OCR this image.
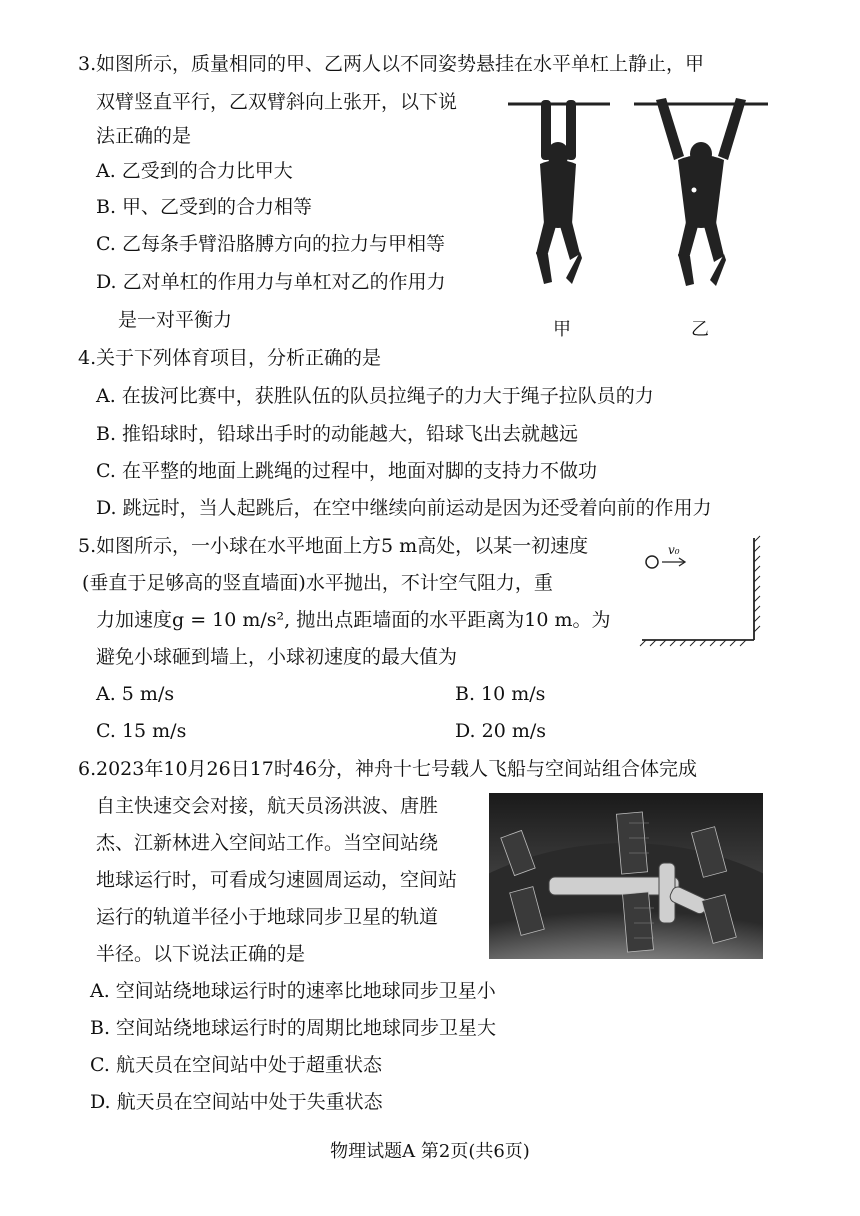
3. 如图所示，质量相同的甲、乙两人以不同姿势悬挂在水平单杠上静止，甲
双臂竖直平行，乙双臂斜向上张开，以下说
法正确的是
A. 乙受到的合力比甲大
B. 甲、乙受到的合力相等
C. 乙每条手臂沿胳膊方向的拉力与甲相等
D. 乙对单杠的作用力与单杠对乙的作用力
是一对平衡力	甲	乙
4. 关于下列体育项目，分析正确的是
A. 在拔河比赛中，获胜队伍的队员拉绳子的力大于绳子拉队员的力
B. 推铅球时，铅球出手时的动能越大，铅球飞出去就越远
C. 在平整的地面上跳绳的过程中，地面对脚的支持力不做功
D. 跳远时，当人起跳后，在空中继续向前运动是因为还受着向前的作用力
5. 如图所示，一小球在水平地面上方5 m高处，以某一初速度
(垂直于足够高的竖直墙面)水平抛出，不计空气阻力，重
力加速度g = 10 m/s², 抛出点距墙面的水平距离为10 m。为
避免小球砸到墙上，小球初速度的最大值为
A. 5 m/s	B. 10 m/s
C. 15 m/s	D. 20 m/s
v₀
6. 2023年10月26日17时46分，神舟十七号载人飞船与空间站组合体完成
自主快速交会对接，航天员汤洪波、唐胜
杰、江新林进入空间站工作。当空间站绕
地球运行时，可看成匀速圆周运动，空间站
运行的轨道半径小于地球同步卫星的轨道
半径。以下说法正确的是
A. 空间站绕地球运行时的速率比地球同步卫星小
B. 空间站绕地球运行时的周期比地球同步卫星大
C. 航天员在空间站中处于超重状态
D. 航天员在空间站中处于失重状态
物理试题A 第2页(共6页)
